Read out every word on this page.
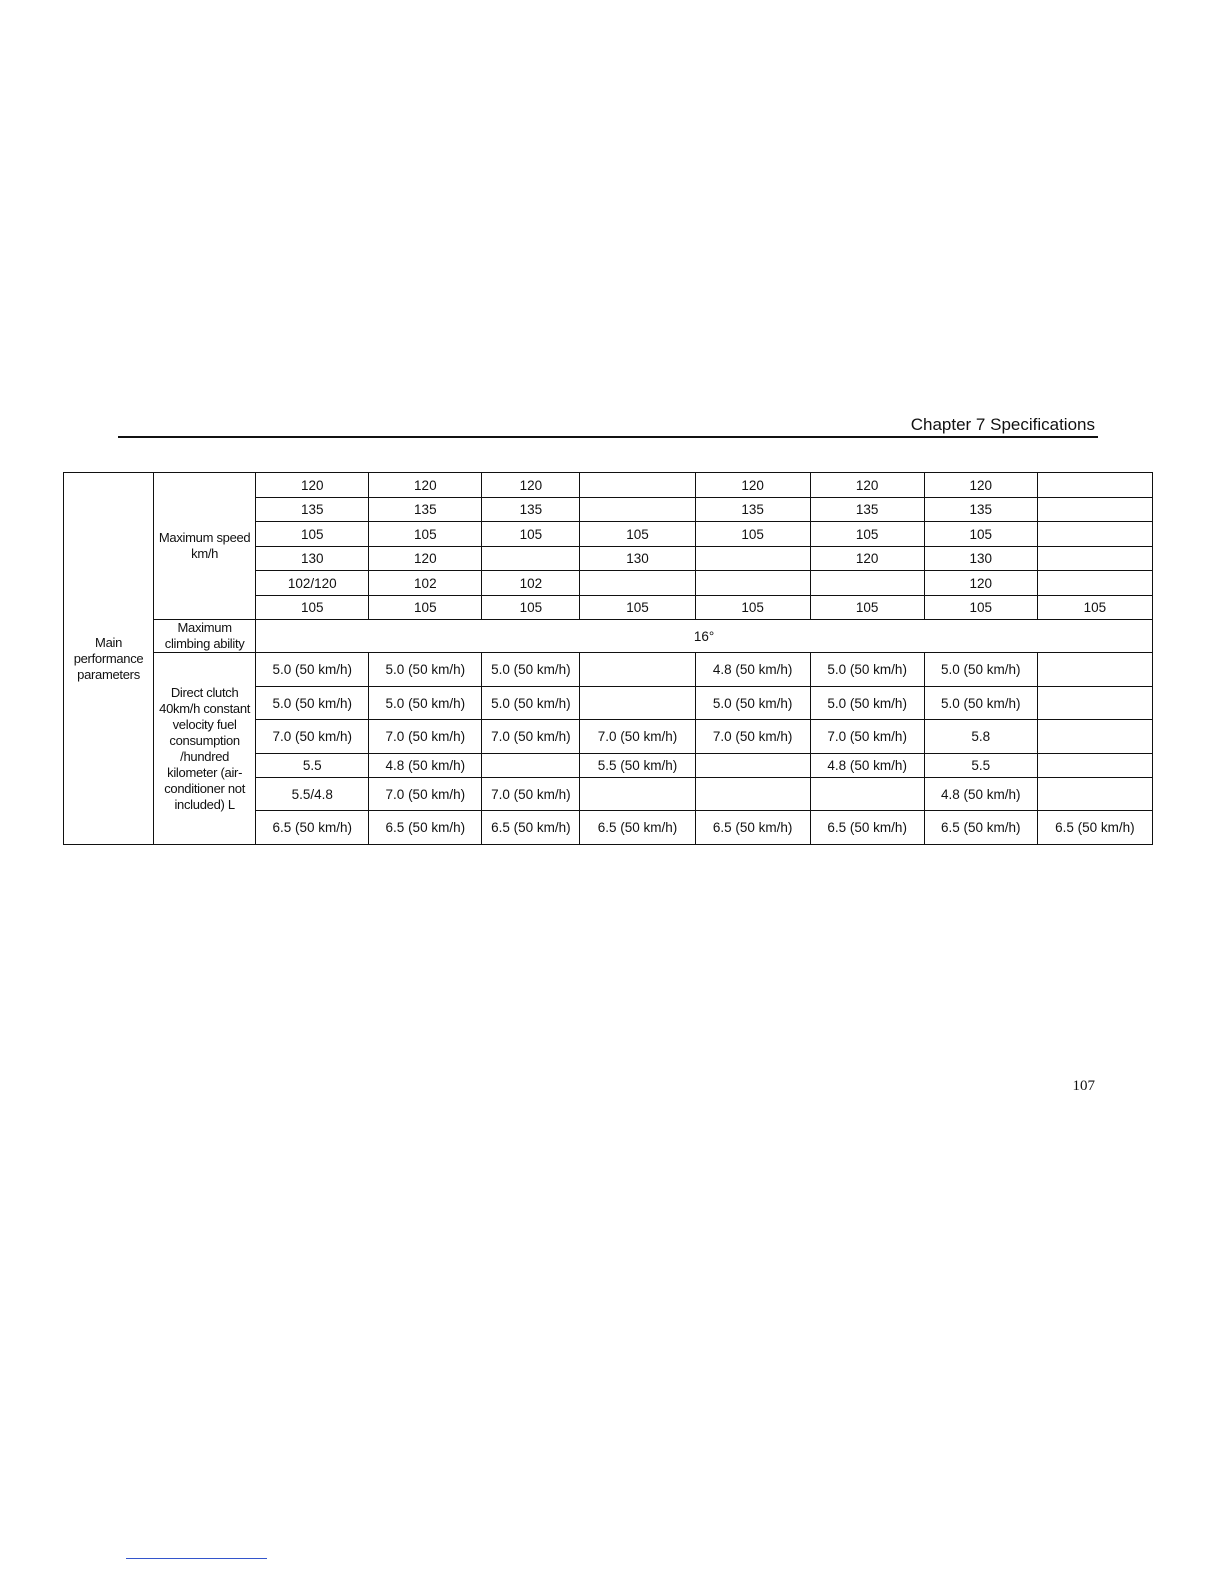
Chapter 7 Specifications
Main performance parameters	Maximum speed km/h	120	120	120		120	120	120	
		135	135	135		135	135	135	
		105	105	105	105	105	105	105	
		130	120		130		120	130	
		102/120	102	102				120	
		105	105	105	105	105	105	105	105
	Maximum climbing ability	16°							
	Direct clutch 40km/h constant velocity fuel consumption /hundred kilometer (air-conditioner not included) L	5.0 (50 km/h)	5.0 (50 km/h)	5.0 (50 km/h)		4.8 (50 km/h)	5.0 (50 km/h)	5.0 (50 km/h)	
		5.0 (50 km/h)	5.0 (50 km/h)	5.0 (50 km/h)		5.0 (50 km/h)	5.0 (50 km/h)	5.0 (50 km/h)	
		7.0 (50 km/h)	7.0 (50 km/h)	7.0 (50 km/h)	7.0 (50 km/h)	7.0 (50 km/h)	7.0 (50 km/h)	5.8	
		5.5	4.8 (50 km/h)		5.5 (50 km/h)		4.8 (50 km/h)	5.5	
		5.5/4.8	7.0 (50 km/h)	7.0 (50 km/h)				4.8 (50 km/h)	
		6.5 (50 km/h)	6.5 (50 km/h)	6.5 (50 km/h)	6.5 (50 km/h)	6.5 (50 km/h)	6.5 (50 km/h)	6.5 (50 km/h)	6.5 (50 km/h)
107
